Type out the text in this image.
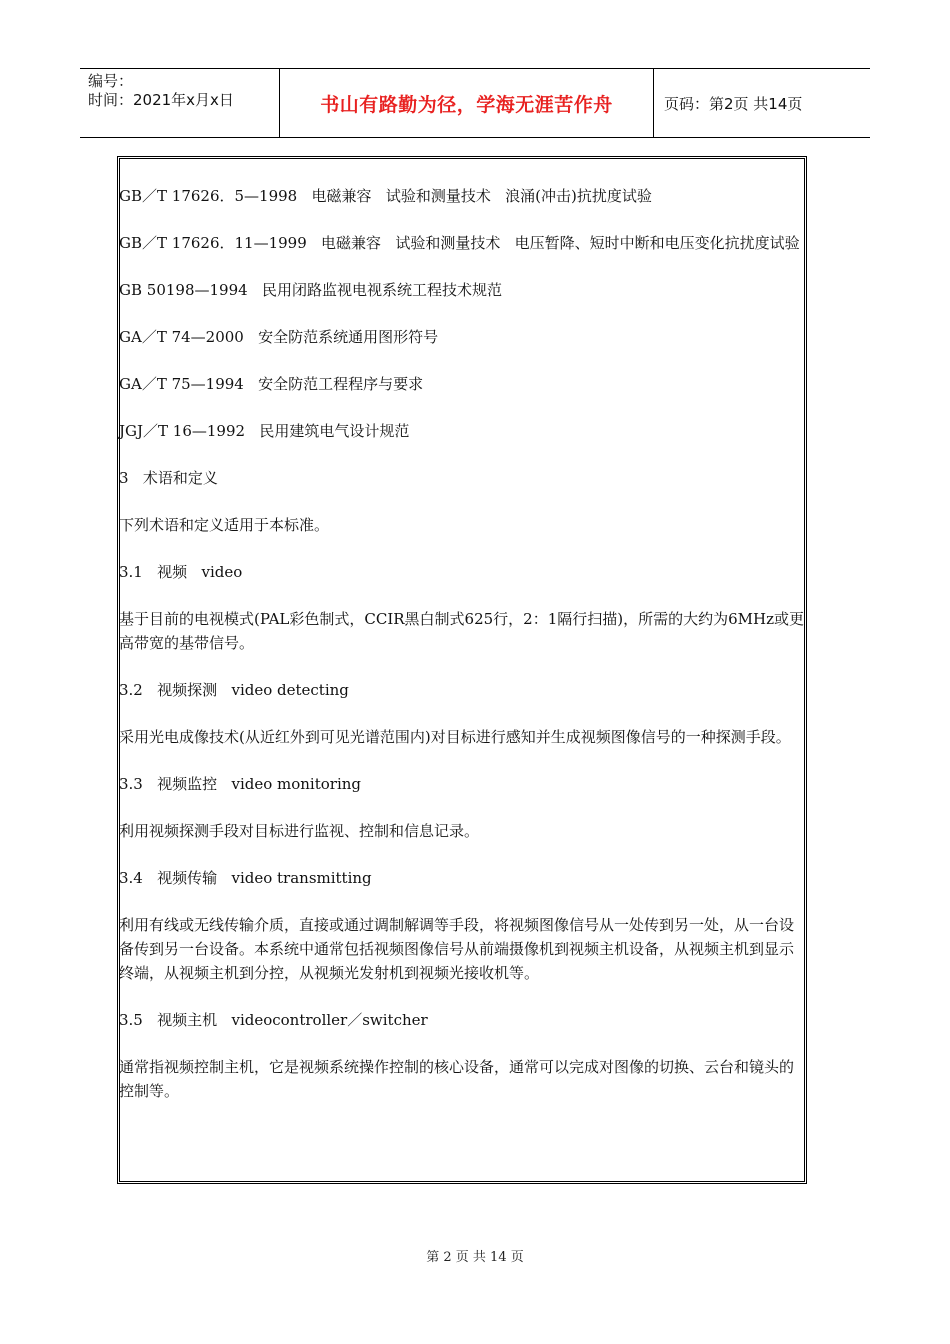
编号：
时间：2021年x月x日	书山有路勤为径，学海无涯苦作舟	页码：第2页 共14页

GB／T 17626．5—1998   电磁兼容   试验和测量技术   浪涌(冲击)抗扰度试验

GB／T 17626．11—1999   电磁兼容   试验和测量技术   电压暂降、短时中断和电压变化抗扰度试验

GB 50198—1994   民用闭路监视电视系统工程技术规范

GA／T 74—2000   安全防范系统通用图形符号

GA／T 75—1994   安全防范工程程序与要求

JGJ／T 16—1992   民用建筑电气设计规范

3   术语和定义

下列术语和定义适用于本标准。

3.1   视频   video

基于目前的电视模式(PAL彩色制式，CCIR黑白制式625行，2：1隔行扫描)，所需的大约为6MHz或更高带宽的基带信号。

3.2   视频探测   video detecting

采用光电成像技术(从近红外到可见光谱范围内)对目标进行感知并生成视频图像信号的一种探测手段。

3.3   视频监控   video monitoring

利用视频探测手段对目标进行监视、控制和信息记录。

3.4   视频传输   video transmitting

利用有线或无线传输介质，直接或通过调制解调等手段，将视频图像信号从一处传到另一处，从一台设备传到另一台设备。本系统中通常包括视频图像信号从前端摄像机到视频主机设备，从视频主机到显示终端，从视频主机到分控，从视频光发射机到视频光接收机等。

3.5   视频主机   videocontroller／switcher

通常指视频控制主机，它是视频系统操作控制的核心设备，通常可以完成对图像的切换、云台和镜头的控制等。

第 2 页 共 14 页
